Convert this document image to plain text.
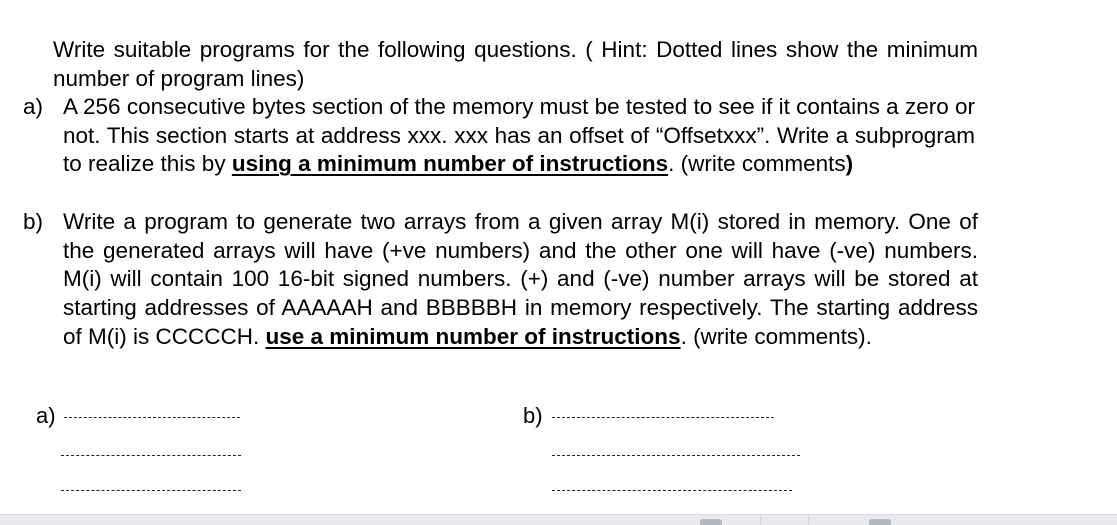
Write suitable programs for the following questions. ( Hint: Dotted lines show the minimum number of program lines)
a) A 256 consecutive bytes section of the memory must be tested to see if it contains a zero or not. This section starts at address xxx. xxx has an offset of “Offsetxxx”. Write a subprogram to realize this by using a minimum number of instructions. (write comments)
b) Write a program to generate two arrays from a given array M(i) stored in memory. One of the generated arrays will have (+ve numbers) and the other one will have (-ve) numbers. M(i) will contain 100 16-bit signed numbers. (+) and (-ve) number arrays will be stored at starting addresses of AAAAAH and BBBBBH in memory respectively. The starting address of M(i) is CCCCCH. use a minimum number of instructions. (write comments).
a)	b)
